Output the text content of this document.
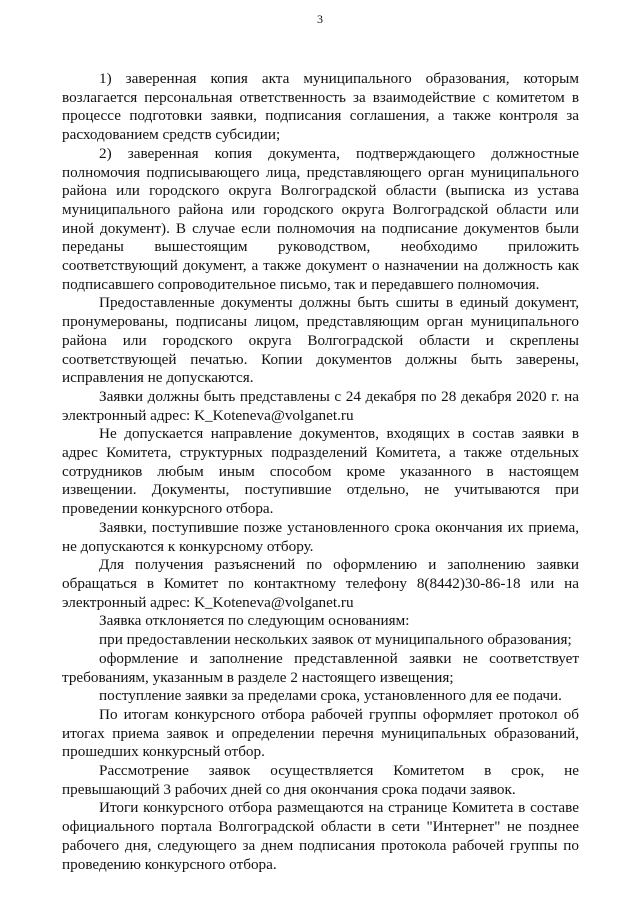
3

1) заверенная копия акта муниципального образования, которым возлагается персональная ответственность за взаимодействие с комитетом в процессе подготовки заявки, подписания соглашения, а также контроля за расходованием средств субсидии;

2) заверенная копия документа, подтверждающего должностные полномочия подписывающего лица, представляющего орган муниципального района или городского округа Волгоградской области (выписка из устава муниципального района или городского округа Волгоградской области или иной документ). В случае если полномочия на подписание документов были переданы вышестоящим руководством, необходимо приложить соответствующий документ, а также документ о назначении на должность как подписавшего сопроводительное письмо, так и передавшего полномочия.

Предоставленные документы должны быть сшиты в единый документ, пронумерованы, подписаны лицом, представляющим орган муниципального района или городского округа Волгоградской области и скреплены соответствующей печатью. Копии документов должны быть заверены, исправления не допускаются.

Заявки должны быть представлены с 24 декабря по 28 декабря 2020 г. на электронный адрес: K_Koteneva@volganet.ru

Не допускается направление документов, входящих в состав заявки в адрес Комитета, структурных подразделений Комитета, а также отдельных сотрудников любым иным способом кроме указанного в настоящем извещении. Документы, поступившие отдельно, не учитываются при проведении конкурсного отбора.

Заявки, поступившие позже установленного срока окончания их приема, не допускаются к конкурсному отбору.

Для получения разъяснений по оформлению и заполнению заявки обращаться в Комитет по контактному телефону 8(8442)30-86-18 или на электронный адрес: K_Koteneva@volganet.ru

Заявка отклоняется по следующим основаниям:

при предоставлении нескольких заявок от муниципального образования;

оформление и заполнение представленной заявки не соответствует требованиям, указанным в разделе 2 настоящего извещения;

поступление заявки за пределами срока, установленного для ее подачи.

По итогам конкурсного отбора рабочей группы оформляет протокол об итогах приема заявок и определении перечня муниципальных образований, прошедших конкурсный отбор.

Рассмотрение заявок осуществляется Комитетом в срок, не превышающий 3 рабочих дней со дня окончания срока подачи заявок.

Итоги конкурсного отбора размещаются на странице Комитета в составе официального портала Волгоградской области в сети "Интернет" не позднее рабочего дня, следующего за днем подписания протокола рабочей группы по проведению конкурсного отбора.
